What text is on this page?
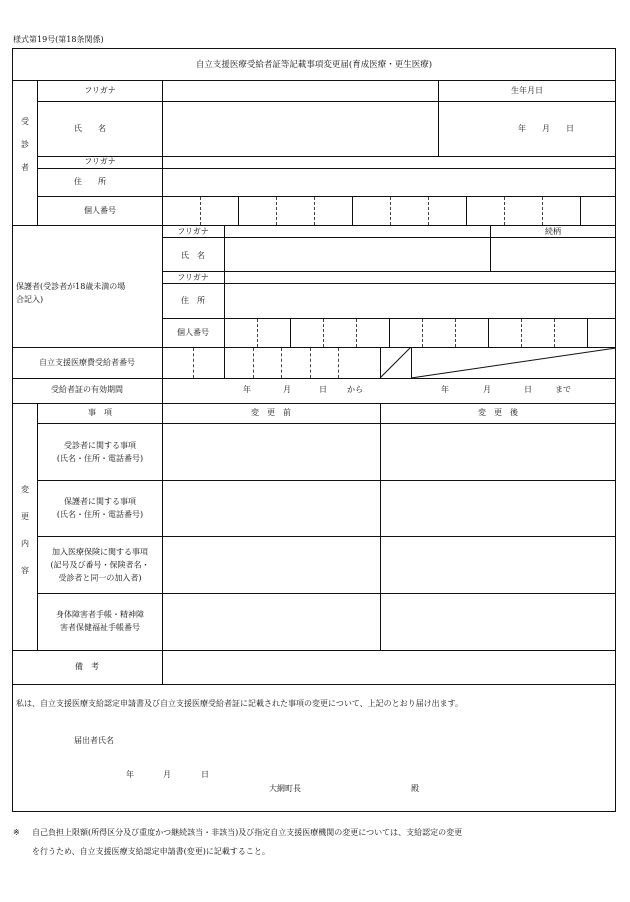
様式第19号(第18条関係)
自立支援医療受給者証等記載事項変更届(育成医療・更生医療)
受
診
者
フリガナ	生年月日
氏　　名	年　　月　　日
フリガナ
住　　所
個人番号
保護者(受診者が18歳未満の場
合記入)
フリガナ	続柄
氏　名
フリガナ
住　所
個人番号
自立支援医療費受給者番号
受給者証の有効期間	年	月	日	から	年	月	日	まで
変
更
内
容
事　項	変　更　前	変　更　後
受診者に関する事項
(氏名・住所・電話番号)
保護者に関する事項
(氏名・住所・電話番号)
加入医療保険に関する事項
(記号及び番号・保険者名・
受診者と同一の加入者)
身体障害者手帳・精神障
害者保健福祉手帳番号
備　考
私は、自立支援医療支給認定申請書及び自立支援医療受給者証に記載された事項の変更について、上記のとおり届け出ます。
届出者氏名
年	月	日
大網町長	殿
※ 自己負担上限額(所得区分及び重度かつ継続該当・非該当)及び指定自立支援医療機関の変更については、支給認定の変更
を行うため、自立支援医療支給認定申請書(変更)に記載すること。
